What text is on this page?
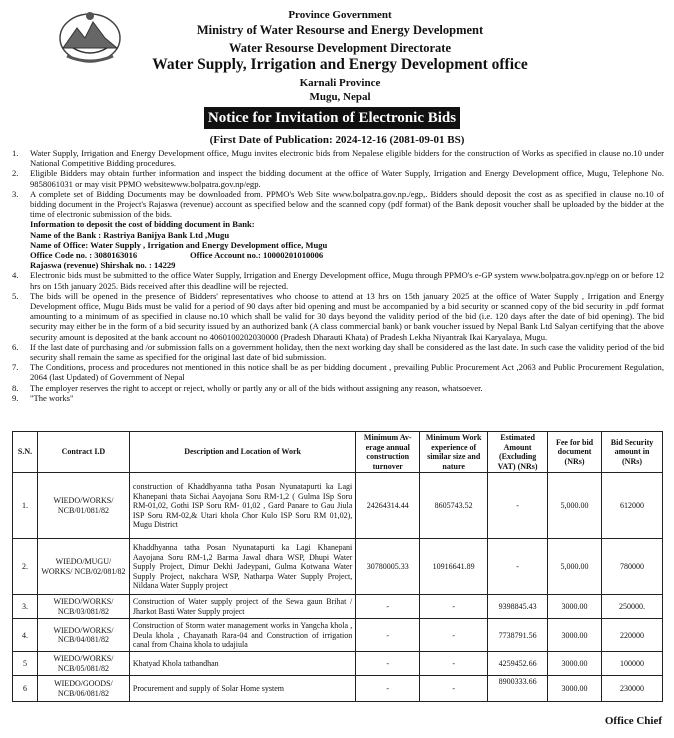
Province Government
Ministry of Water Resourse and Energy Development
Water Resourse Development Directorate
Water Supply, Irrigation and Energy Development office
Karnali Province
Mugu, Nepal
Notice for Invitation of Electronic Bids
(First Date of Publication: 2024-12-16 (2081-09-01 BS)
1.	Water Supply, Irrigation and Energy Development office, Mugu invites electronic bids from Nepalese eligible bidders for the construction of Works as specified in clause no.10 under National Competitive Bidding procedures.
2.	Eligible Bidders may obtain further information and inspect the bidding document at the office of Water Supply, Irrigation and Energy Development office, Mugu, Telephone No. 9858061031 or may visit PPMO websitewww.bolpatra.gov.np/egp.
3.	A complete set of Bidding Documents may be downloaded from. PPMO's Web Site www.bolpatra.gov.np./egp,. Bidders should deposit the cost as as specified in clause no.10 of bidding document in the Project's Rajaswa (revenue) account as specified below and the scanned copy (pdf format) of the Bank deposit voucher shall be uploaded by the bidder at the time of electronic submission of the bids.
Information to deposit the cost of bidding document in Bank:
Name of the Bank : Rastriya Banijya Bank Ltd ,Mugu
Name of Office: Water Supply , Irrigation and Energy Development office, Mugu
Office Code no. : 3080163016	Office Account no.: 10000201010006
Rajaswa (revenue) Shirshak no. : 14229
4.	Electronic bids must be submitted to the office Water Supply, Irrigation and Energy Development office, Mugu through PPMO's e-GP system www.bolpatra.gov.np/egp on or before 12 hrs on 15th january 2025. Bids received after this deadline will be rejected.
5.	The bids will be opened in the presence of Bidders' representatives who choose to attend at 13 hrs on 15th january 2025 at the office of Water Supply , Irrigation and Energy Development office, Mugu Bids must be valid for a period of 90 days after bid opening and must be accompanied by a bid security or scanned copy of the bid security in .pdf format amounting to a minimum of as specified in clause no.10 which shall be valid for 30 days beyond the validity period of the bid (i.e. 120 days after the date of bid opening). The bid security may either be in the form of a bid security issued by an authorized bank (A class commercial bank) or bank voucher issued by Nepal Bank Ltd Salyan certifying that the above security amount is deposited at the bank account no 4060100202030000 (Pradesh Dharauti Khata) of Pradesh Lekha Niyantrak Ikai Karyalaya, Mugu.
6.	If the last date of purchasing and /or submission falls on a government holiday, then the next working day shall be considered as the last date. In such case the validity period of the bid security shall remain the same as specified for the original last date of bid submission.
7.	The Conditions, process and procedures not mentioned in this notice shall be as per bidding document , prevailing Public Procurement Act ,2063 and Public Procurement Regulation, 2064 (last Updated) of Government of Nepal
8.	The employer reserves the right to accept or reject, wholly or partly any or all of the bids without assigning any reason, whatsoever.
9.	"The works"
S.N.	Contract I.D	Description and Location of Work	Minimum Av-erage annual construction turnover	Minimum Work experience of similar size and nature	Estimated Amount (Excluding VAT) (NRs)	Fee for bid document (NRs)	Bid Security amount in (NRs)
1.	WIEDO/WORKS/ NCB/01/081/82	construction of Khaddhyanna tatha Posan Nyunatapurti ka Lagi Khanepani thata Sichai Aayojana Soru RM-1,2 ( Gulma ISp Soru RM-01,02, Gothi ISP Soru RM- 01,02 , Gard Panare to Gau Jiula ISP Soru RM-02,& Utari khola Chor Kulo ISP Soru RM 01,02), Mugu District	24264314.44	8605743.52	-	5,000.00	612000
2.	WIEDO/MUGU/ WORKS/ NCB/02/081/82	Khaddhyanna tatha Posan Nyunatapurti ka Lagi Khanepani Aayojana Soru RM-1,2 Barma Jawal dhara WSP, Dhupi Water Supply Project, Dimur Dekhi Jadeypani, Gulma Kotwana Water Supply Project, nakchara WSP, Natharpa Water Supply Project, Nildana Water Supply project	30780005.33	10916641.89	-	5,000.00	780000
3.	WIEDO/WORKS/ NCB/03/081/82	Construction of Water supply project of the Sewa gaun Brihat / Jharkot Basti Water Supply project	-	-	9398845.43	3000.00	250000.
4.	WIEDO/WORKS/ NCB/04/081/82	Construction of Storm water management works in Yangcha khola , Deula khola , Chayanath Rara-04 and Construction of irrigation canal from Chaina khola to udajiula	-	-	7738791.56	3000.00	220000
5	WIEDO/WORKS/ NCB/05/081/82	Khatyad Khola tatbandhan	-	-	4259452.66	3000.00	100000
6	WIEDO/GOODS/ NCB/06/081/82	Procurement and supply of Solar Home system	-	-	8900333.66	3000.00	230000
Office Chief
